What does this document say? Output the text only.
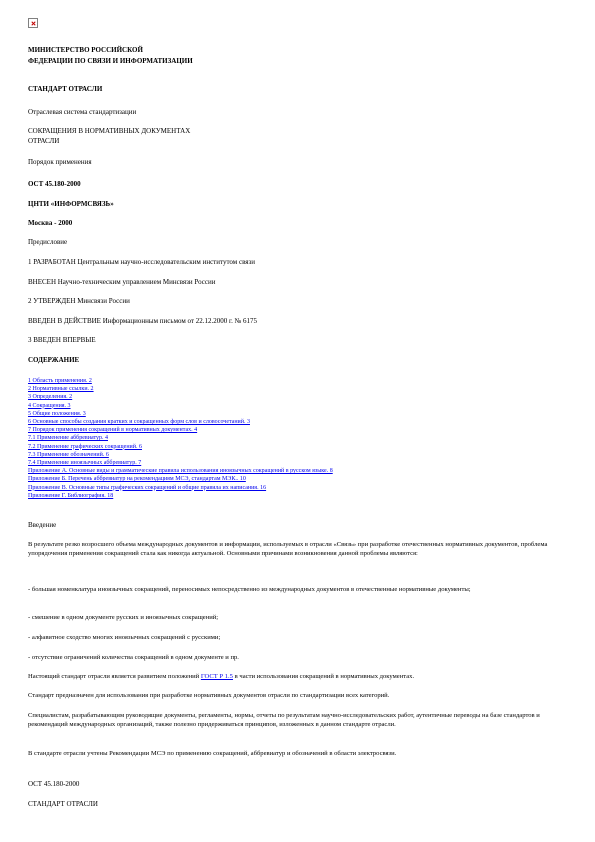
МИНИСТЕРСТВО РОССИЙСКОЙ
ФЕДЕРАЦИИ ПО СВЯЗИ И ИНФОРМАТИЗАЦИИ
СТАНДАРТ ОТРАСЛИ
Отраслевая система стандартизации
СОКРАЩЕНИЯ В НОРМАТИВНЫХ ДОКУМЕНТАХ
ОТРАСЛИ
Порядок применения
ОСТ 45.180-2000
ЦНТИ «ИНФОРМСВЯЗЬ»
Москва - 2000
Предисловие
1 РАЗРАБОТАН Центральным научно-исследовательским институтом связи
ВНЕСЕН Научно-техническим управлением Минсвязи России
2 УТВЕРЖДЕН Минсвязи России
ВВЕДЕН В ДЕЙСТВИЕ Информационным письмом от 22.12.2000 г. № 6175
3 ВВЕДЕН ВПЕРВЫЕ
СОДЕРЖАНИЕ
1 Область применения. 2
2 Нормативные ссылки. 2
3 Определения. 2
4 Сокращения. 3
5 Общие положения. 3
6 Основные способы создания кратких и сокращенных форм слов и словосочетаний. 3
7 Порядок применения сокращений в нормативных документах. 4
7.1 Применение аббревиатур. 4
7.2 Применение графических сокращений. 6
7.3 Применение обозначений. 6
7.4 Применение иноязычных аббревиатур. 7
Приложение А. Основные виды и грамматические правила использования иноязычных сокращений в русском языке. 8
Приложение Б. Перечень аббревиатур на рекомендациям МСЭ, стандартам МЭК.. 10
Приложение В. Основные типы графических сокращений и общие правила их написания. 16
Приложение Г. Библиография. 18
Введение
В результате резко возросшего объема международных документов и информации, используемых в отрасли «Связь» при разработке отечественных нормативных документов, проблема упорядочения применения сокращений стала как никогда актуальной. Основными причинами возникновения данной проблемы являются:
- большая номенклатура иноязычных сокращений, переносимых непосредственно из международных документов в отечественные нормативные документы;
- смешение в одном документе русских и иноязычных сокращений;
- алфавитное сходство многих иноязычных сокращений с русскими;
- отсутствие ограничений количества сокращений в одном документе и пр.
Настоящий стандарт отрасли является развитием положений ГОСТ Р 1.5 в части использования сокращений в нормативных документах.
Стандарт предназначен для использования при разработке нормативных документов отрасли по стандартизации всех категорий.
Специалистам, разрабатывающим руководящие документы, регламенты, нормы, отчеты по результатам научно-исследовательских работ, аутентичные переводы на базе стандартов и рекомендаций международных организаций, также полезно придерживаться принципов, изложенных в данном стандарте отрасли.
В стандарте отрасли учтены Рекомендации МСЭ по применению сокращений, аббревиатур и обозначений в области электросвязи.
ОСТ 45.180-2000
СТАНДАРТ ОТРАСЛИ
